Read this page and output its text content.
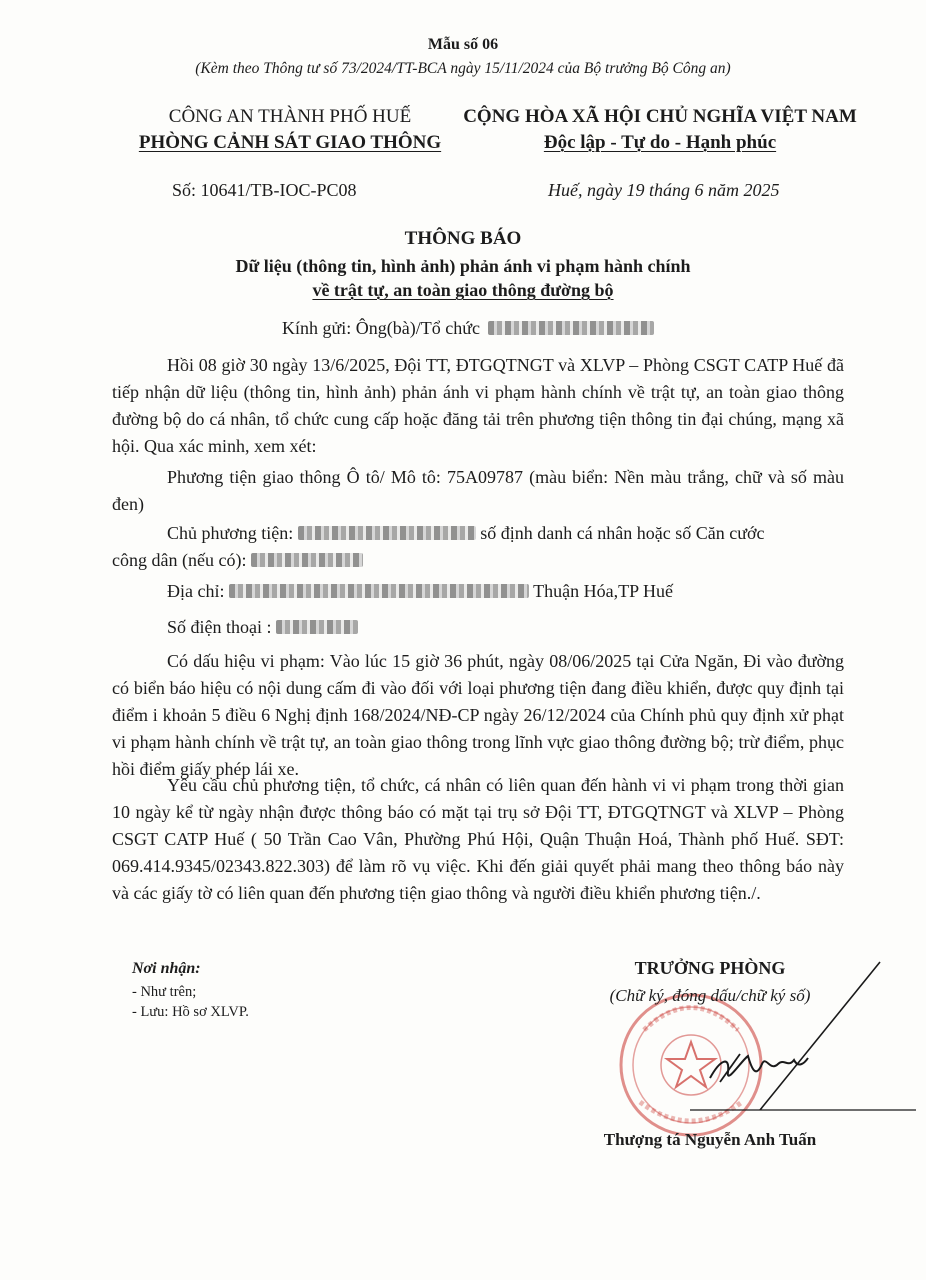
Mẫu số 06
(Kèm theo Thông tư số 73/2024/TT-BCA ngày 15/11/2024 của Bộ trưởng Bộ Công an)
CÔNG AN THÀNH PHỐ HUẾ
PHÒNG CẢNH SÁT GIAO THÔNG
CỘNG HÒA XÃ HỘI CHỦ NGHĨA VIỆT NAM
Độc lập - Tự do - Hạnh phúc
Số: 10641/TB-IOC-PC08	Huế, ngày 19 tháng 6 năm 2025
THÔNG BÁO
Dữ liệu (thông tin, hình ảnh) phản ánh vi phạm hành chính
về trật tự, an toàn giao thông đường bộ
Kính gửi: Ông(bà)/Tổ chức
Hồi 08 giờ 30 ngày 13/6/2025, Đội TT, ĐTGQTNGT và XLVP – Phòng CSGT CATP Huế đã tiếp nhận dữ liệu (thông tin, hình ảnh) phản ánh vi phạm hành chính về trật tự, an toàn giao thông đường bộ do cá nhân, tổ chức cung cấp hoặc đăng tải trên phương tiện thông tin đại chúng, mạng xã hội. Qua xác minh, xem xét:
Phương tiện giao thông Ô tô/ Mô tô: 75A09787 (màu biển: Nền màu trắng, chữ và số màu đen)
Chủ phương tiện:	số định danh cá nhân hoặc số Căn cước
công dân (nếu có):
Địa chỉ:	Thuận Hóa,TP Huế
Số điện thoại :
Có dấu hiệu vi phạm: Vào lúc 15 giờ 36 phút, ngày 08/06/2025 tại Cửa Ngăn, Đi vào đường có biển báo hiệu có nội dung cấm đi vào đối với loại phương tiện đang điều khiển, được quy định tại điểm i khoản 5 điều 6 Nghị định 168/2024/NĐ-CP ngày 26/12/2024 của Chính phủ quy định xử phạt vi phạm hành chính về trật tự, an toàn giao thông trong lĩnh vực giao thông đường bộ; trừ điểm, phục hồi điểm giấy phép lái xe.
Yêu cầu chủ phương tiện, tổ chức, cá nhân có liên quan đến hành vi vi phạm trong thời gian 10 ngày kể từ ngày nhận được thông báo có mặt tại trụ sở Đội TT, ĐTGQTNGT và XLVP – Phòng CSGT CATP Huế ( 50 Trần Cao Vân, Phường Phú Hội, Quận Thuận Hoá, Thành phố Huế. SĐT: 069.414.9345/02343.822.303) để làm rõ vụ việc. Khi đến giải quyết phải mang theo thông báo này và các giấy tờ có liên quan đến phương tiện giao thông và người điều khiển phương tiện./.
Nơi nhận:
- Như trên;
- Lưu: Hồ sơ XLVP.
TRƯỞNG PHÒNG
(Chữ ký, đóng dấu/chữ ký số)
Thượng tá Nguyễn Anh Tuấn
